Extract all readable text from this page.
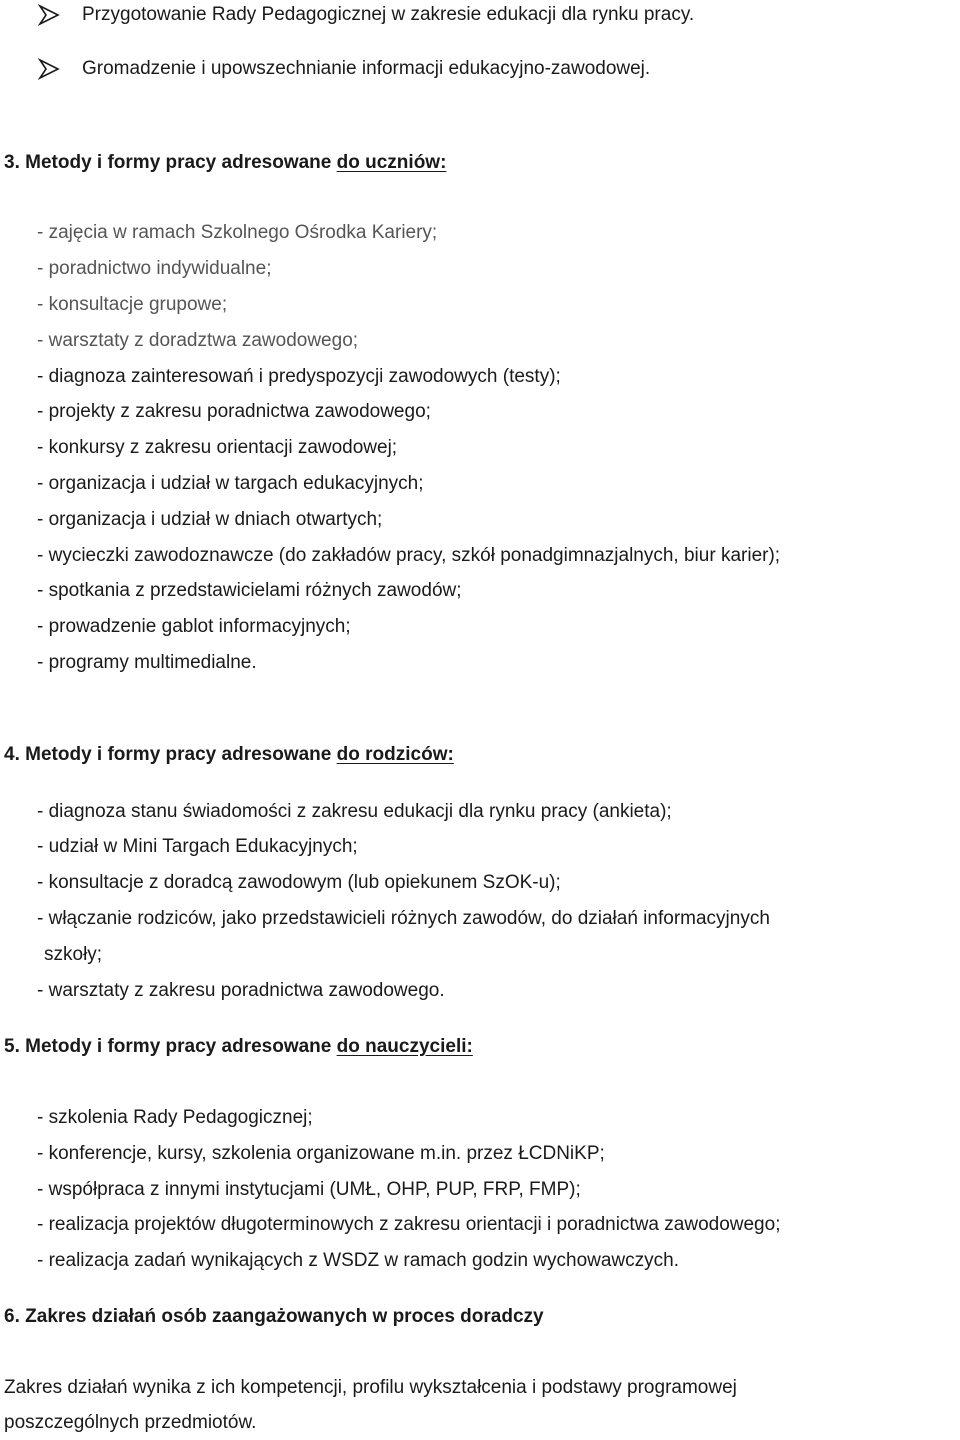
Przygotowanie Rady Pedagogicznej w zakresie edukacji dla rynku pracy.
Gromadzenie i upowszechnianie informacji edukacyjno-zawodowej.
3. Metody i formy pracy adresowane do uczniów:
- zajęcia w ramach Szkolnego Ośrodka Kariery;
- poradnictwo indywidualne;
- konsultacje grupowe;
- warsztaty z doradztwa zawodowego;
- diagnoza zainteresowań i predyspozycji zawodowych (testy);
- projekty z zakresu poradnictwa zawodowego;
- konkursy z zakresu orientacji zawodowej;
- organizacja i udział w targach edukacyjnych;
- organizacja i udział w dniach otwartych;
- wycieczki zawodoznawcze (do zakładów pracy, szkół ponadgimnazjalnych, biur karier);
- spotkania z przedstawicielami różnych zawodów;
- prowadzenie gablot informacyjnych;
- programy multimedialne.
4. Metody i formy pracy adresowane do rodziców:
- diagnoza stanu świadomości z zakresu edukacji dla rynku pracy (ankieta);
- udział w Mini Targach Edukacyjnych;
- konsultacje z doradcą zawodowym (lub opiekunem SzOK-u);
- włączanie rodziców, jako przedstawicieli różnych zawodów, do działań informacyjnych
szkoły;
- warsztaty z zakresu poradnictwa zawodowego.
5. Metody i formy pracy adresowane do nauczycieli:
- szkolenia Rady Pedagogicznej;
- konferencje, kursy, szkolenia organizowane m.in. przez ŁCDNiKP;
- współpraca z innymi instytucjami (UMŁ, OHP, PUP, FRP, FMP);
- realizacja projektów długoterminowych z zakresu orientacji i poradnictwa zawodowego;
- realizacja zadań wynikających z WSDZ w ramach godzin wychowawczych.
6. Zakres działań osób zaangażowanych w proces doradczy
Zakres działań wynika z ich kompetencji, profilu wykształcenia i podstawy programowej
poszczególnych przedmiotów.
